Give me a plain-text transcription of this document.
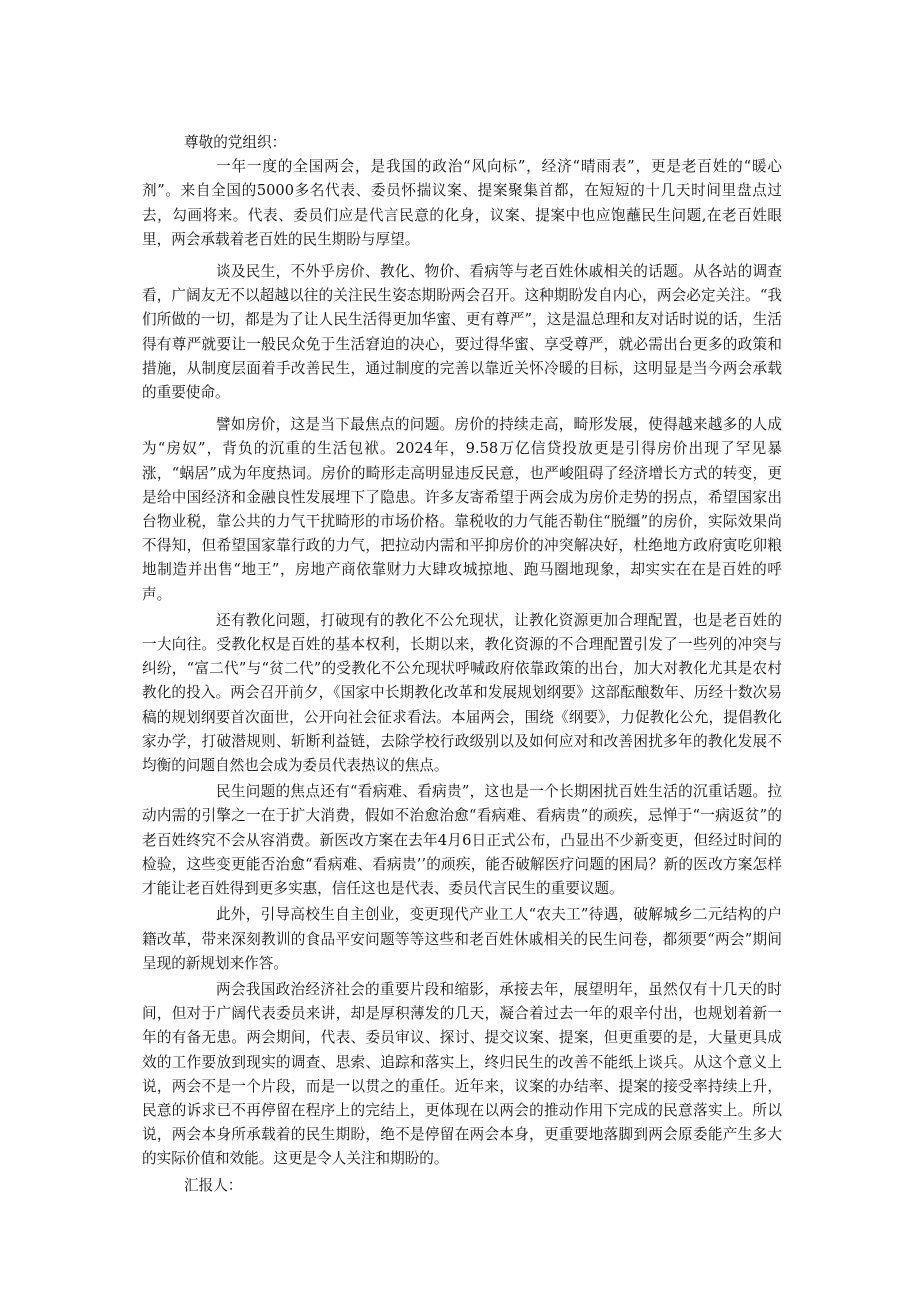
尊敬的党组织：

一年一度的全国两会，是我国的政治“风向标”，经济“晴雨表”，更是老百姓的“暖心剂”。来自全国的5000多名代表、委员怀揣议案、提案聚集首都，在短短的十几天时间里盘点过去，勾画将来。代表、委员们应是代言民意的化身，议案、提案中也应饱蘸民生问题,在老百姓眼里，两会承载着老百姓的民生期盼与厚望。

谈及民生，不外乎房价、教化、物价、看病等与老百姓休戚相关的话题。从各站的调查看，广阔友无不以超越以往的关注民生姿态期盼两会召开。这种期盼发自内心，两会必定关注。“我们所做的一切，都是为了让人民生活得更加华蜜、更有尊严”，这是温总理和友对话时说的话，生活得有尊严就要让一般民众免于生活窘迫的决心，要过得华蜜、享受尊严，就必需出台更多的政策和措施，从制度层面着手改善民生，通过制度的完善以靠近关怀冷暖的目标，这明显是当今两会承载的重要使命。

譬如房价，这是当下最焦点的问题。房价的持续走高，畸形发展，使得越来越多的人成为“房奴”，背负的沉重的生活包袱。2024年，9.58万亿信贷投放更是引得房价出现了罕见暴涨，“蜗居”成为年度热词。房价的畸形走高明显违反民意，也严峻阻碍了经济增长方式的转变，更是给中国经济和金融良性发展埋下了隐患。许多友寄希望于两会成为房价走势的拐点，希望国家出台物业税，靠公共的力气干扰畸形的市场价格。靠税收的力气能否勒住“脱缰”的房价，实际效果尚不得知，但希望国家靠行政的力气，把拉动内需和平抑房价的冲突解决好，杜绝地方政府寅吃卯粮地制造并出售“地王”，房地产商依靠财力大肆攻城掠地、跑马圈地现象，却实实在在是百姓的呼声。

还有教化问题，打破现有的教化不公允现状，让教化资源更加合理配置，也是老百姓的一大向往。受教化权是百姓的基本权利，长期以来，教化资源的不合理配置引发了一些列的冲突与纠纷，“富二代”与“贫二代”的受教化不公允现状呼喊政府依靠政策的出台，加大对教化尤其是农村教化的投入。两会召开前夕，《国家中长期教化改革和发展规划纲要》这部酝酿数年、历经十数次易稿的规划纲要首次面世，公开向社会征求看法。本届两会，围绕《纲要》，力促教化公允，提倡教化家办学，打破潜规则、斩断利益链，去除学校行政级别以及如何应对和改善困扰多年的教化发展不均衡的问题自然也会成为委员代表热议的焦点。

民生问题的焦点还有“看病难、看病贵”，这也是一个长期困扰百姓生活的沉重话题。拉动内需的引擎之一在于扩大消费，假如不治愈治愈“看病难、看病贵”的顽疾，忌惮于“一病返贫”的老百姓终究不会从容消费。新医改方案在去年4月6日正式公布，凸显出不少新变更，但经过时间的检验，这些变更能否治愈“看病难、看病贵’’的顽疾，能否破解医疗问题的困局？新的医改方案怎样才能让老百姓得到更多实惠，信任这也是代表、委员代言民生的重要议题。

此外，引导高校生自主创业，变更现代产业工人“农夫工”待遇，破解城乡二元结构的户籍改革，带来深刻教训的食品平安问题等等这些和老百姓休戚相关的民生问卷，都须要“两会”期间呈现的新规划来作答。

两会我国政治经济社会的重要片段和缩影，承接去年，展望明年，虽然仅有十几天的时间，但对于广阔代表委员来讲，却是厚积薄发的几天，凝合着过去一年的艰辛付出，也规划着新一年的有备无患。两会期间，代表、委员审议、探讨、提交议案、提案，但更重要的是，大量更具成效的工作要放到现实的调查、思索、追踪和落实上，终归民生的改善不能纸上谈兵。从这个意义上说，两会不是一个片段，而是一以贯之的重任。近年来，议案的办结率、提案的接受率持续上升，民意的诉求已不再停留在程序上的完结上，更体现在以两会的推动作用下完成的民意落实上。所以说，两会本身所承载着的民生期盼，绝不是停留在两会本身，更重要地落脚到两会原委能产生多大的实际价值和效能。这更是令人关注和期盼的。

汇报人：
